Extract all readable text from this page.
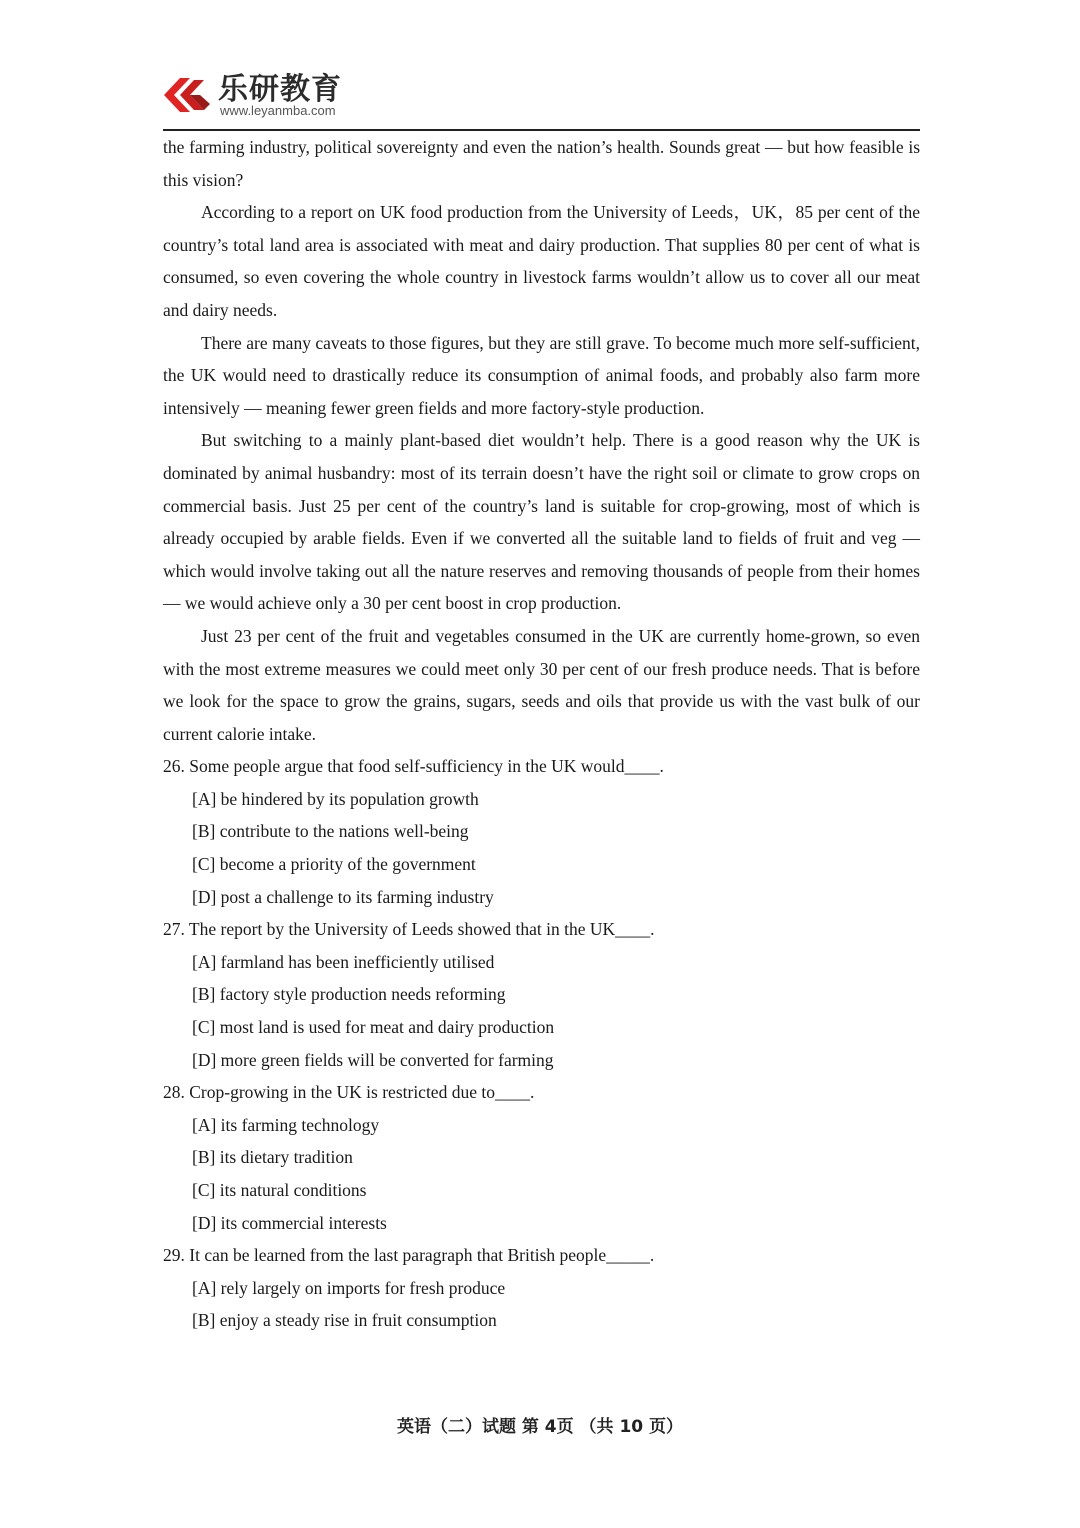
乐研教育
www.leyanmba.com

the farming industry, political sovereignty and even the nation’s health. Sounds great — but how feasible is this vision?

According to a report on UK food production from the University of Leeds，UK，85 per cent of the country’s total land area is associated with meat and dairy production. That supplies 80 per cent of what is consumed, so even covering the whole country in livestock farms wouldn’t allow us to cover all our meat and dairy needs.

There are many caveats to those figures, but they are still grave. To become much more self-sufficient, the UK would need to drastically reduce its consumption of animal foods, and probably also farm more intensively — meaning fewer green fields and more factory-style production.

But switching to a mainly plant-based diet wouldn’t help. There is a good reason why the UK is dominated by animal husbandry: most of its terrain doesn’t have the right soil or climate to grow crops on commercial basis. Just 25 per cent of the country’s land is suitable for crop-growing, most of which is already occupied by arable fields. Even if we converted all the suitable land to fields of fruit and veg — which would involve taking out all the nature reserves and removing thousands of people from their homes — we would achieve only a 30 per cent boost in crop production.

Just 23 per cent of the fruit and vegetables consumed in the UK are currently home-grown, so even with the most extreme measures we could meet only 30 per cent of our fresh produce needs. That is before we look for the space to grow the grains, sugars, seeds and oils that provide us with the vast bulk of our current calorie intake.

26. Some people argue that food self-sufficiency in the UK would____.
[A] be hindered by its population growth
[B] contribute to the nations well-being
[C] become a priority of the government
[D] post a challenge to its farming industry
27. The report by the University of Leeds showed that in the UK____.
[A] farmland has been inefficiently utilised
[B] factory style production needs reforming
[C] most land is used for meat and dairy production
[D] more green fields will be converted for farming
28. Crop-growing in the UK is restricted due to____.
[A] its farming technology
[B] its dietary tradition
[C] its natural conditions
[D] its commercial interests
29. It can be learned from the last paragraph that British people_____.
[A] rely largely on imports for fresh produce
[B] enjoy a steady rise in fruit consumption
英语（二）试题 第 4页 （共 10 页）
